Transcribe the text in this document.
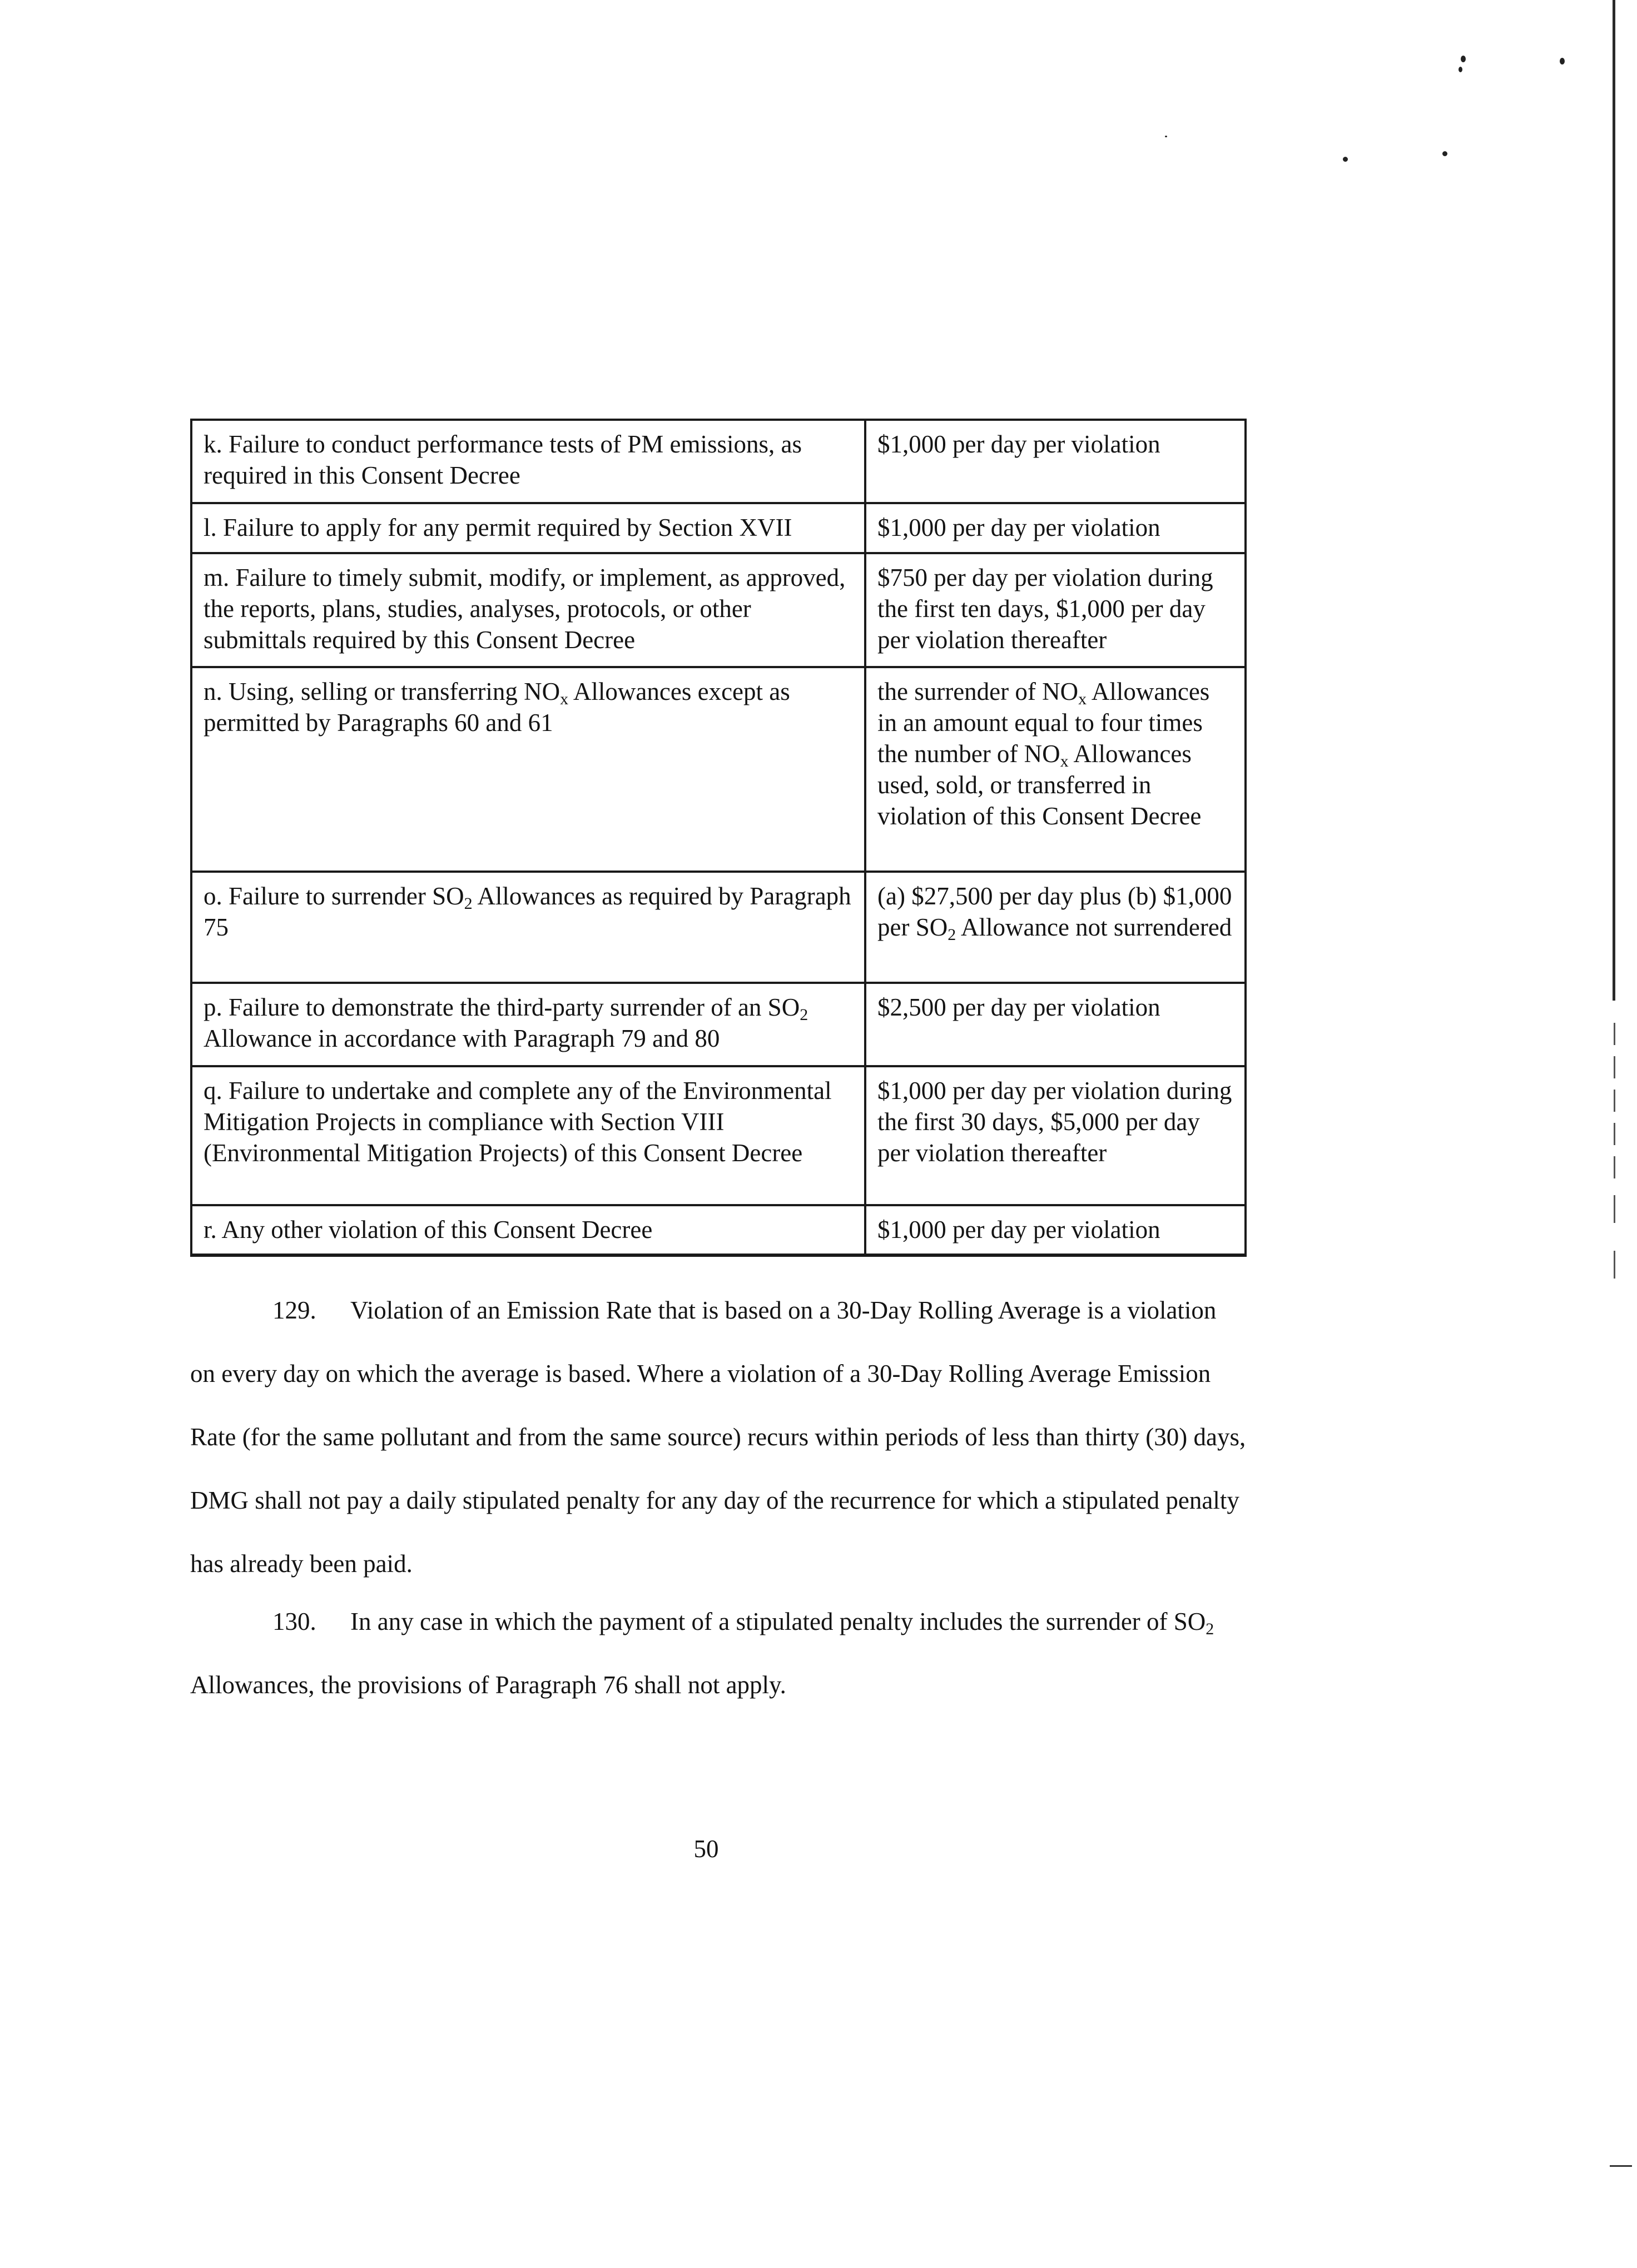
k. Failure to conduct performance tests of PM emissions, as required in this Consent Decree	$1,000 per day per violation
l. Failure to apply for any permit required by Section XVII	$1,000 per day per violation
m. Failure to timely submit, modify, or implement, as approved, the reports, plans, studies, analyses, protocols, or other submittals required by this Consent Decree	$750 per day per violation during the first ten days, $1,000 per day per violation thereafter
n. Using, selling or transferring $NO_x$ Allowances except as permitted by Paragraphs 60 and 61	the surrender of $NO_x$ Allowances in an amount equal to four times the number of $NO_x$ Allowances used, sold, or transferred in violation of this Consent Decree
o. Failure to surrender $SO_2$ Allowances as required by Paragraph 75	(a) $27,500 per day plus (b) $1,000 per $SO_2$ Allowance not surrendered
p. Failure to demonstrate the third-party surrender of an $SO_2$ Allowance in accordance with Paragraph 79 and 80	$2,500 per day per violation
q. Failure to undertake and complete any of the Environmental Mitigation Projects in compliance with Section VIII (Environmental Mitigation Projects) of this Consent Decree	$1,000 per day per violation during the first 30 days, $5,000 per day per violation thereafter
r. Any other violation of this Consent Decree	$1,000 per day per violation

129. Violation of an Emission Rate that is based on a 30-Day Rolling Average is a violation on every day on which the average is based. Where a violation of a 30-Day Rolling Average Emission Rate (for the same pollutant and from the same source) recurs within periods of less than thirty (30) days, DMG shall not pay a daily stipulated penalty for any day of the recurrence for which a stipulated penalty has already been paid.

130. In any case in which the payment of a stipulated penalty includes the surrender of $SO_2$ Allowances, the provisions of Paragraph 76 shall not apply.

50
